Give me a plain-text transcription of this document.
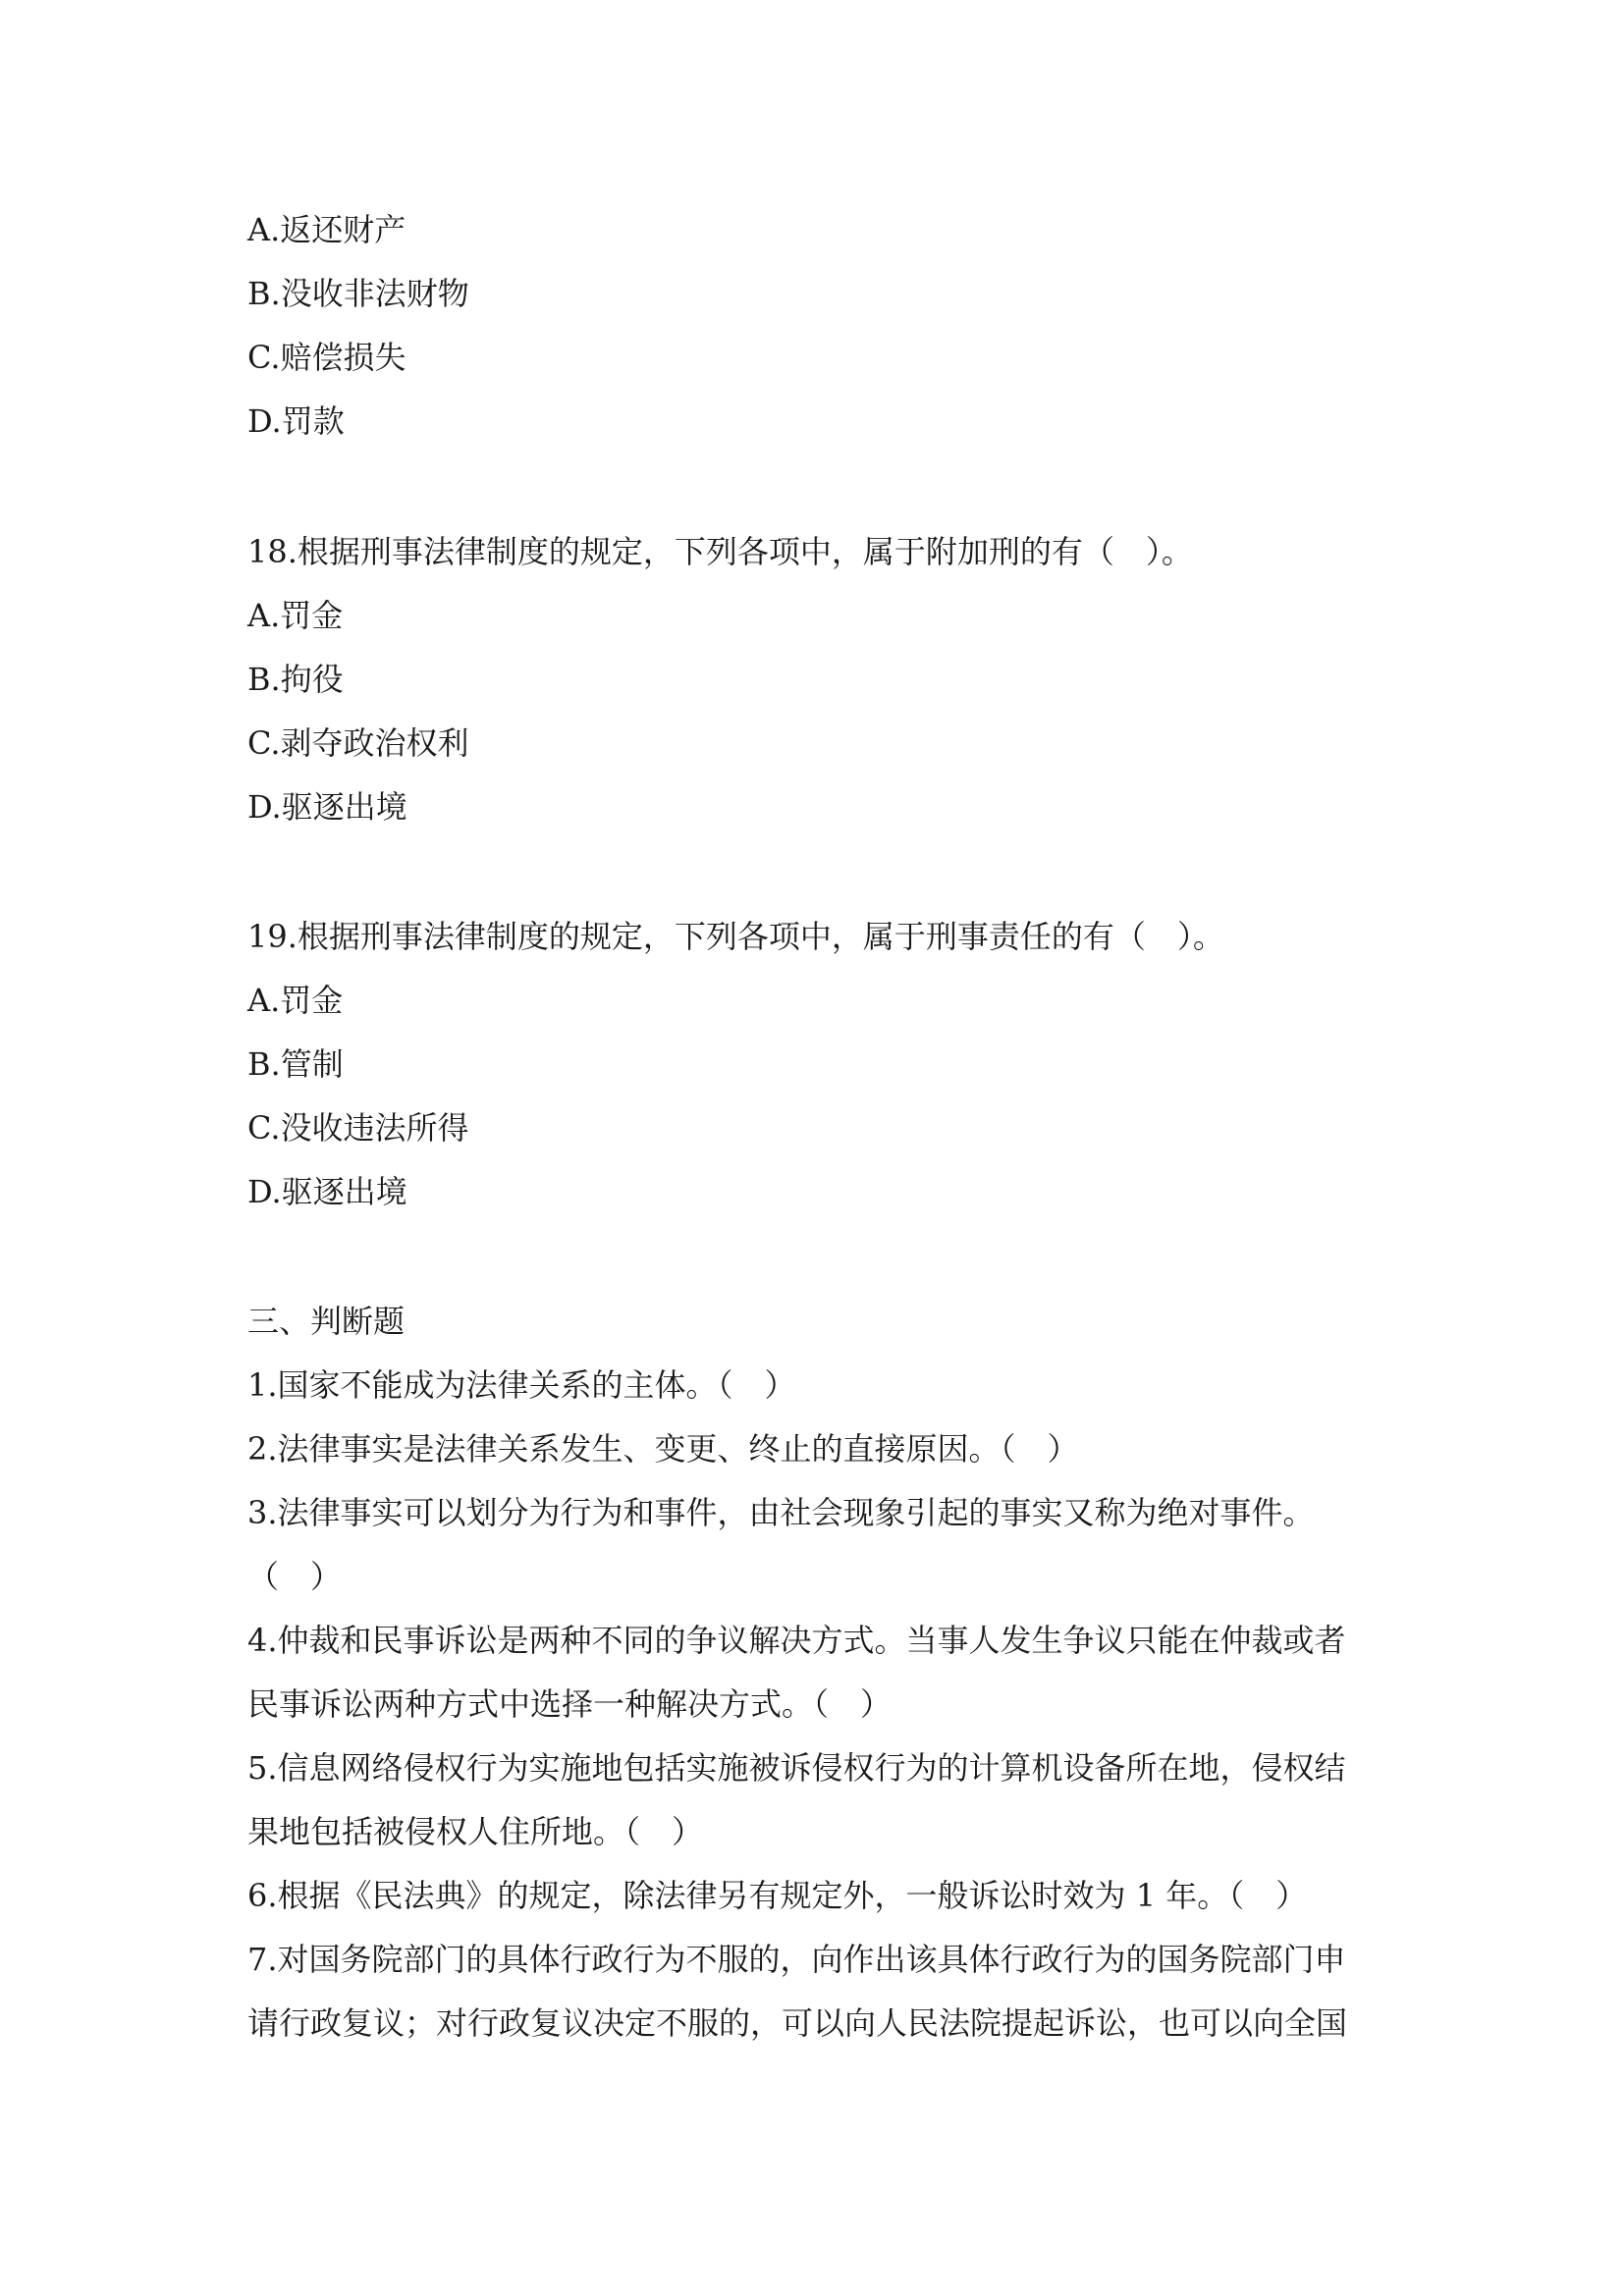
A.返还财产
B.没收非法财物
C.赔偿损失
D.罚款
18.根据刑事法律制度的规定，下列各项中，属于附加刑的有（　）。
A.罚金
B.拘役
C.剥夺政治权利
D.驱逐出境
19.根据刑事法律制度的规定，下列各项中，属于刑事责任的有（　）。
A.罚金
B.管制
C.没收违法所得
D.驱逐出境
三、判断题
1.国家不能成为法律关系的主体。（　）
2.法律事实是法律关系发生、变更、终止的直接原因。（　）
3.法律事实可以划分为行为和事件，由社会现象引起的事实又称为绝对事件。
（　）
4.仲裁和民事诉讼是两种不同的争议解决方式。当事人发生争议只能在仲裁或者
民事诉讼两种方式中选择一种解决方式。（　）
5.信息网络侵权行为实施地包括实施被诉侵权行为的计算机设备所在地，侵权结
果地包括被侵权人住所地。（　）
6.根据《民法典》的规定，除法律另有规定外，一般诉讼时效为 1 年。（　）
7.对国务院部门的具体行政行为不服的，向作出该具体行政行为的国务院部门申
请行政复议；对行政复议决定不服的，可以向人民法院提起诉讼，也可以向全国
